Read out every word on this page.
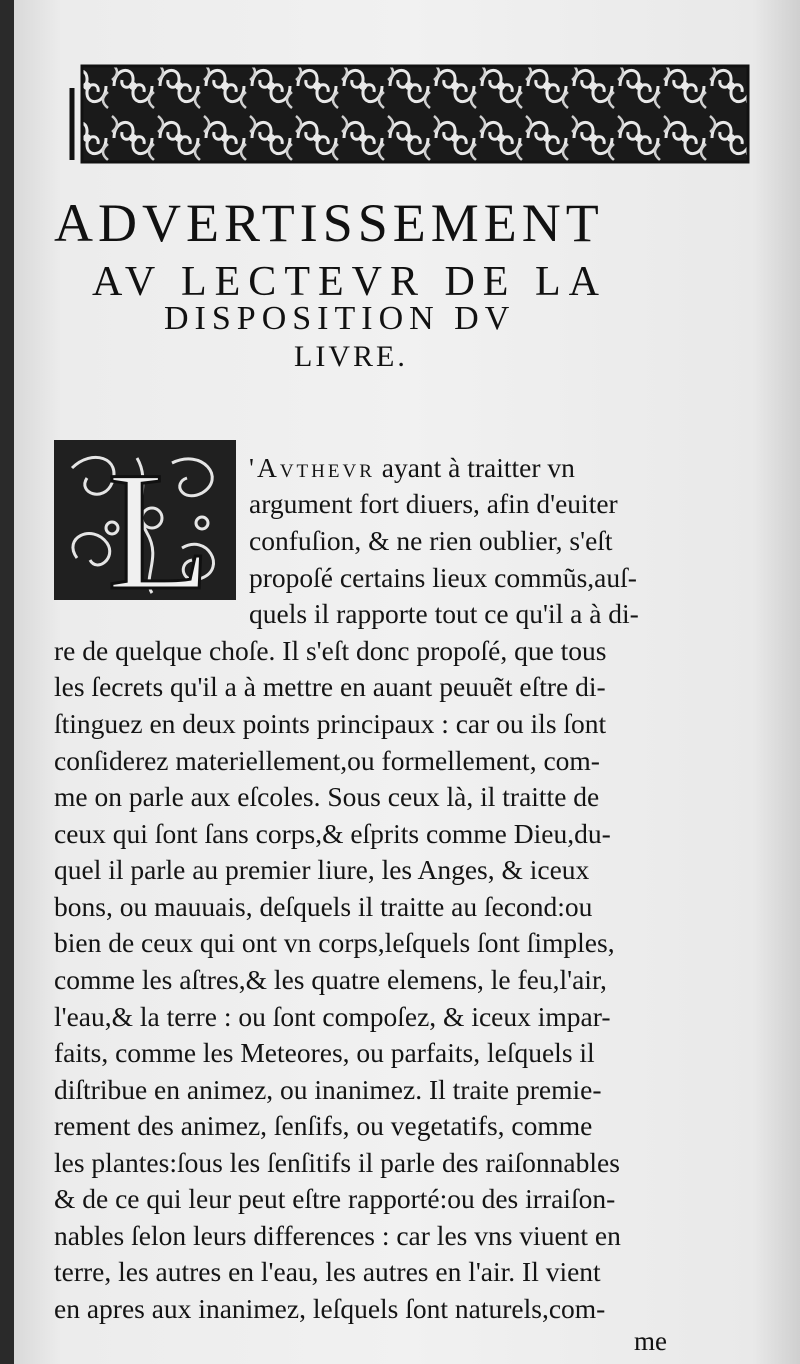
ADVERTISSEMENT
AV LECTEVR DE LA
DISPOSITION DV
LIVRE.
L 'Avthevr ayant à traitter vn
argument fort diuers, afin d'euiter
confuſion, & ne rien oublier, s'eſt
propoſé certains lieux commũs,auſ-
quels il rapporte tout ce qu'il a à di-
re de quelque choſe. Il s'eſt donc propoſé, que tous
les ſecrets qu'il a à mettre en auant peuuẽt eſtre di-
ſtinguez en deux points principaux : car ou ils ſont
conſiderez materiellement,ou formellement, com-
me on parle aux eſcoles. Sous ceux là, il traitte de
ceux qui ſont ſans corps,& eſprits comme Dieu,du-
quel il parle au premier liure, les Anges, & iceux
bons, ou mauuais, deſquels il traitte au ſecond:ou
bien de ceux qui ont vn corps,leſquels ſont ſimples,
comme les aſtres,& les quatre elemens, le feu,l'air,
l'eau,& la terre : ou ſont compoſez, & iceux impar-
faits, comme les Meteores, ou parfaits, leſquels il
diſtribue en animez, ou inanimez. Il traite premie-
rement des animez, ſenſifs, ou vegetatifs, comme
les plantes:ſous les ſenſitifs il parle des raiſonnables
& de ce qui leur peut eſtre rapporté:ou des irraiſon-
nables ſelon leurs differences : car les vns viuent en
terre, les autres en l'eau, les autres en l'air. Il vient
en apres aux inanimez, leſquels ſont naturels,com-
me
